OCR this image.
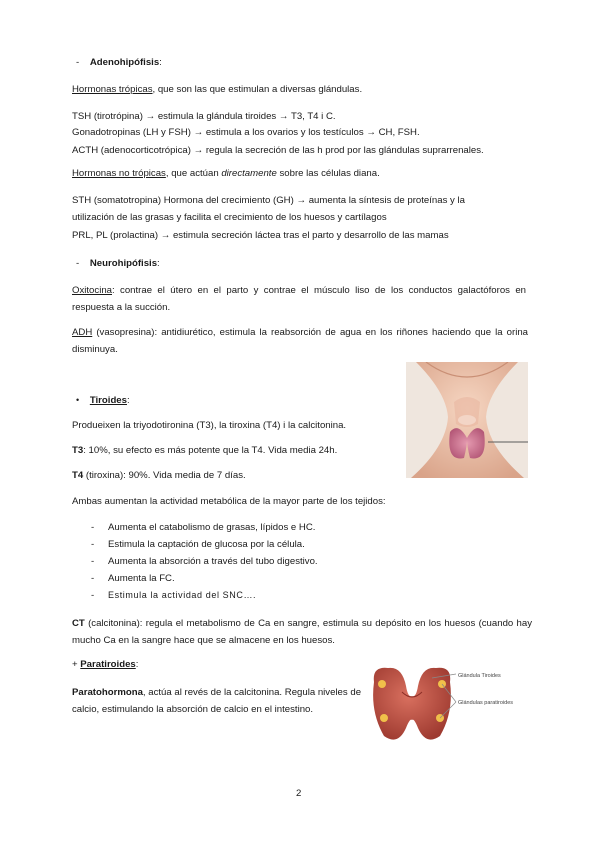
- Adenohipófisis:
Hormonas trópicas, que son las que estimulan a diversas glándulas.
TSH (tirotrópina) → estimula la glándula tiroides → T3, T4 i C.
Gonadotropinas (LH y FSH) → estimula a los ovarios y los testículos → CH, FSH.
ACTH (adenocorticotrópica) → regula la secreción de las h prod por las glándulas suprarrenales.
Hormonas no trópicas, que actúan directamente sobre las células diana.
STH (somatotropina) Hormona del crecimiento (GH) → aumenta la síntesis de proteínas y la
utilización de las grasas y facilita el crecimiento de los huesos y cartílagos
PRL, PL (prolactina) → estimula secreción láctea tras el parto y desarrollo de las mamas
- Neurohipófisis:
Oxitocina: contrae el útero en el parto y contrae el músculo liso de los conductos galactóforos en respuesta a la succión.
ADH (vasopresina): antidiurético, estimula la reabsorción de agua en los riñones haciendo que la orina disminuya.
• Tiroides:
Produeixen la triyodotironina (T3), la tiroxina (T4) i la calcitonina.
T3: 10%, su efecto es más potente que la T4. Vida media 24h.
T4 (tiroxina): 90%. Vida media de 7 días.
Ambas aumentan la actividad metabólica de la mayor parte de los tejidos:
- Aumenta el catabolismo de grasas, lípidos e HC.
- Estimula la captación de glucosa por la célula.
- Aumenta la absorción a través del tubo digestivo.
- Aumenta la FC.
- Estimula la actividad del SNC….
CT (calcitonina): regula el metabolismo de Ca en sangre, estimula su depósito en los huesos (cuando hay mucho Ca en la sangre hace que se almacene en los huesos.
+ Paratiroides:
Paratohormona, actúa al revés de la calcitonina. Regula niveles de calcio, estimulando la absorción de calcio en el intestino.
Glándula Tiroides
Glándulas paratiroides
2
